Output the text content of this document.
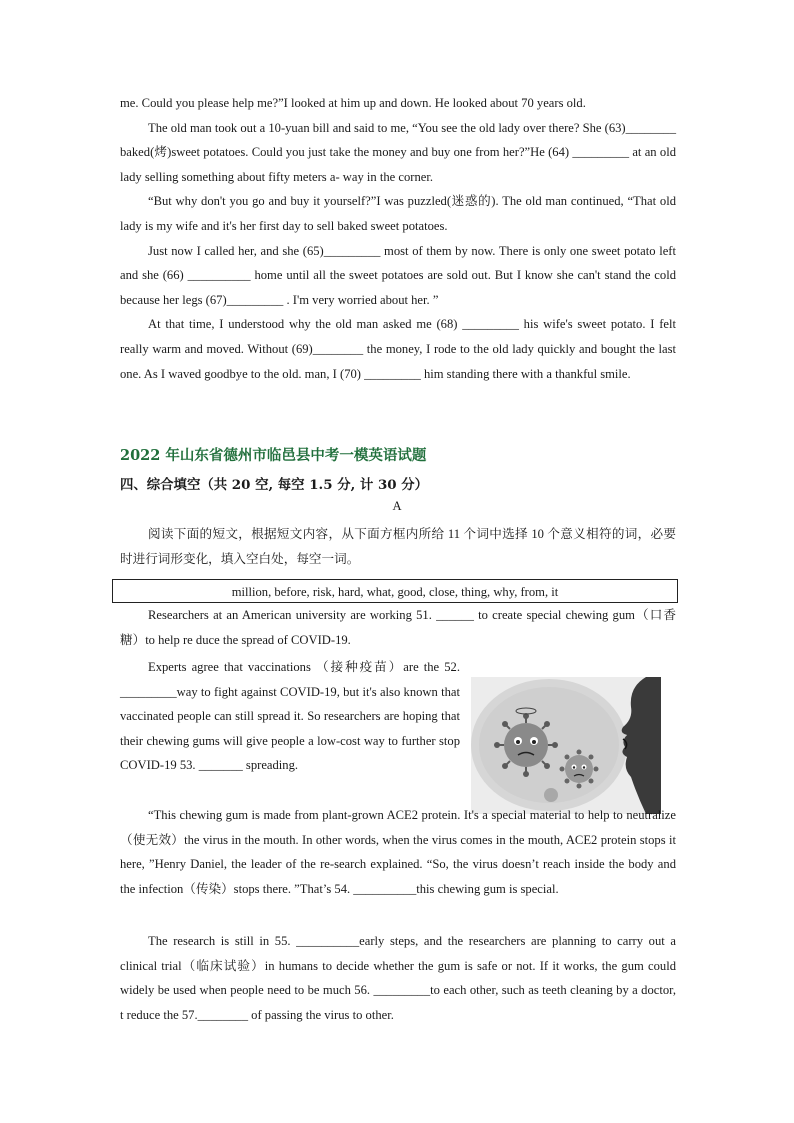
me. Could you please help me?”I looked at him up and down. He looked about 70 years old.

The old man took out a 10-yuan bill and said to me, “You see the old lady over there? She (63)________ baked(烤)sweet potatoes. Could you just take the money and buy one from her?”He (64) _________ at an old lady selling something about fifty meters a- way in the corner.

“But why don't you go and buy it yourself?”I was puzzled(迷惑的). The old man continued, “That old lady is my wife and it's her first day to sell baked sweet potatoes.

Just now I called her, and she (65)_________ most of them by now. There is only one sweet potato left and she (66) __________ home until all the sweet potatoes are sold out. But I know she can't stand the cold because her legs (67)_________ . I'm very worried about her. ”

At that time, I understood why the old man asked me (68) _________ his wife's sweet potato. I felt really warm and moved. Without (69)________ the money, I rode to the old lady quickly and bought the last one. As I waved goodbye to the old. man, I (70) _________ him standing there with a thankful smile.

2022 年山东省德州市临邑县中考一模英语试题
四、综合填空（共 20 空, 每空 1.5 分, 计 30 分）
A

阅读下面的短文，根据短文内容，从下面方框内所给 11 个词中选择 10 个意义相符的词，必要时进行词形变化，填入空白处，每空一词。

million, before, risk, hard, what, good, close, thing, why, from, it

Researchers at an American university are working 51. ______ to create special chewing gum（口香糖）to help re duce the spread of COVID-19.

Experts agree that vaccinations （接种疫苗）are the 52. _________way to fight against COVID-19, but it's also known that vaccinated people can still spread it. So researchers are hoping that their chewing gums will give people a low-cost way to further stop COVID-19 53. _______ spreading.

“This chewing gum is made from plant-grown ACE2 protein. It's a special material to help to neutralize （使无效）the virus in the mouth. In other words, when the virus comes in the mouth, ACE2 protein stops it here, ”Henry Daniel, the leader of the re-search explained. “So, the virus doesn’t reach inside the body and the infection（传染）stops there. ”That’s 54. __________this chewing gum is special.

The research is still in 55. __________early steps, and the researchers are planning to carry out a clinical trial（临床试验）in humans to decide whether the gum is safe or not. If it works, the gum could widely be used when people need to be much 56. _________to each other, such as teeth cleaning by a doctor, t reduce the 57.________ of passing the virus to other.
